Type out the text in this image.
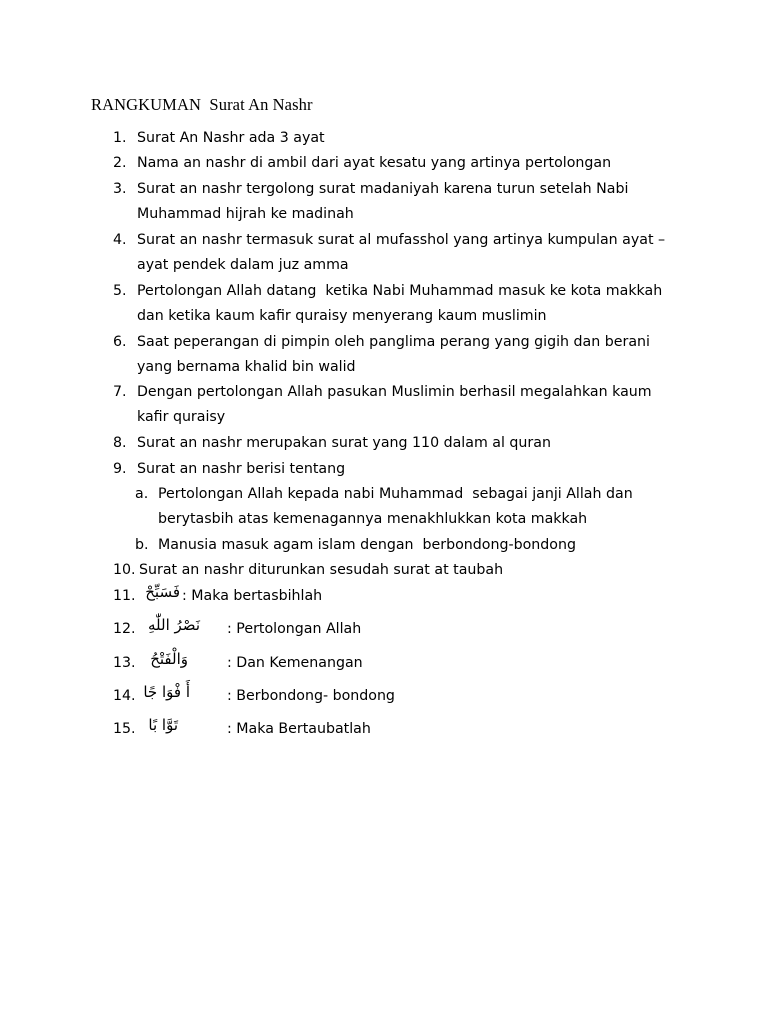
RANGKUMAN  Surat An Nashr
1. Surat An Nashr ada 3 ayat
2. Nama an nashr di ambil dari ayat kesatu yang artinya pertolongan
3. Surat an nashr tergolong surat madaniyah karena turun setelah Nabi
Muhammad hijrah ke madinah
4. Surat an nashr termasuk surat al mufasshol yang artinya kumpulan ayat –
ayat pendek dalam juz amma
5. Pertolongan Allah datang  ketika Nabi Muhammad masuk ke kota makkah
dan ketika kaum kafir quraisy menyerang kaum muslimin
6. Saat peperangan di pimpin oleh panglima perang yang gigih dan berani
yang bernama khalid bin walid
7. Dengan pertolongan Allah pasukan Muslimin berhasil megalahkan kaum
kafir quraisy
8. Surat an nashr merupakan surat yang 110 dalam al quran
9. Surat an nashr berisi tentang
a. Pertolongan Allah kepada nabi Muhammad  sebagai janji Allah dan
berytasbih atas kemenagannya menakhlukkan kota makkah
b. Manusia masuk agam islam dengan  berbondong-bondong
10. Surat an nashr diturunkan sesudah surat at taubah
11. فَسَبِّحْ : Maka bertasbihlah
12. نَصْرُ اللّٰهِ : Pertolongan Allah
13. وَالْفَتْحُ	: Dan Kemenangan
14. أَ فْوَا جًا	: Berbondong- bondong
15. تَوَّا بًا	: Maka Bertaubatlah
